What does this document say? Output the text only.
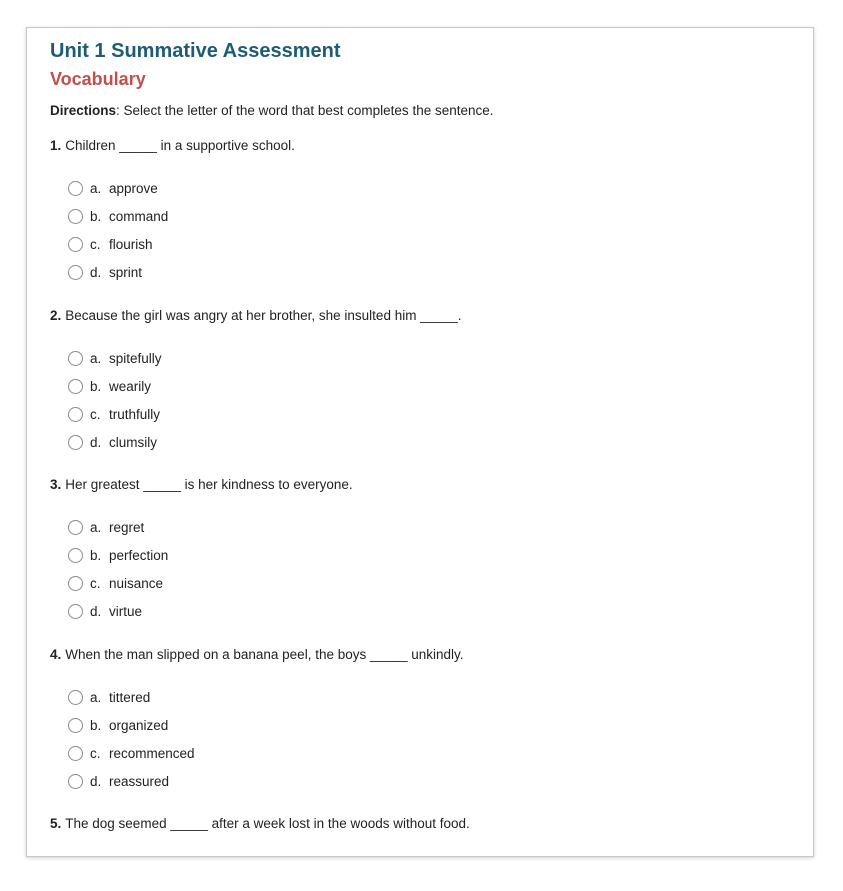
Unit 1 Summative Assessment
Vocabulary
Directions: Select the letter of the word that best completes the sentence.
1. Children _____ in a supportive school.
a. approve
b. command
c. flourish
d. sprint
2. Because the girl was angry at her brother, she insulted him _____.
a. spitefully
b. wearily
c. truthfully
d. clumsily
3. Her greatest _____ is her kindness to everyone.
a. regret
b. perfection
c. nuisance
d. virtue
4. When the man slipped on a banana peel, the boys _____ unkindly.
a. tittered
b. organized
c. recommenced
d. reassured
5. The dog seemed _____ after a week lost in the woods without food.
